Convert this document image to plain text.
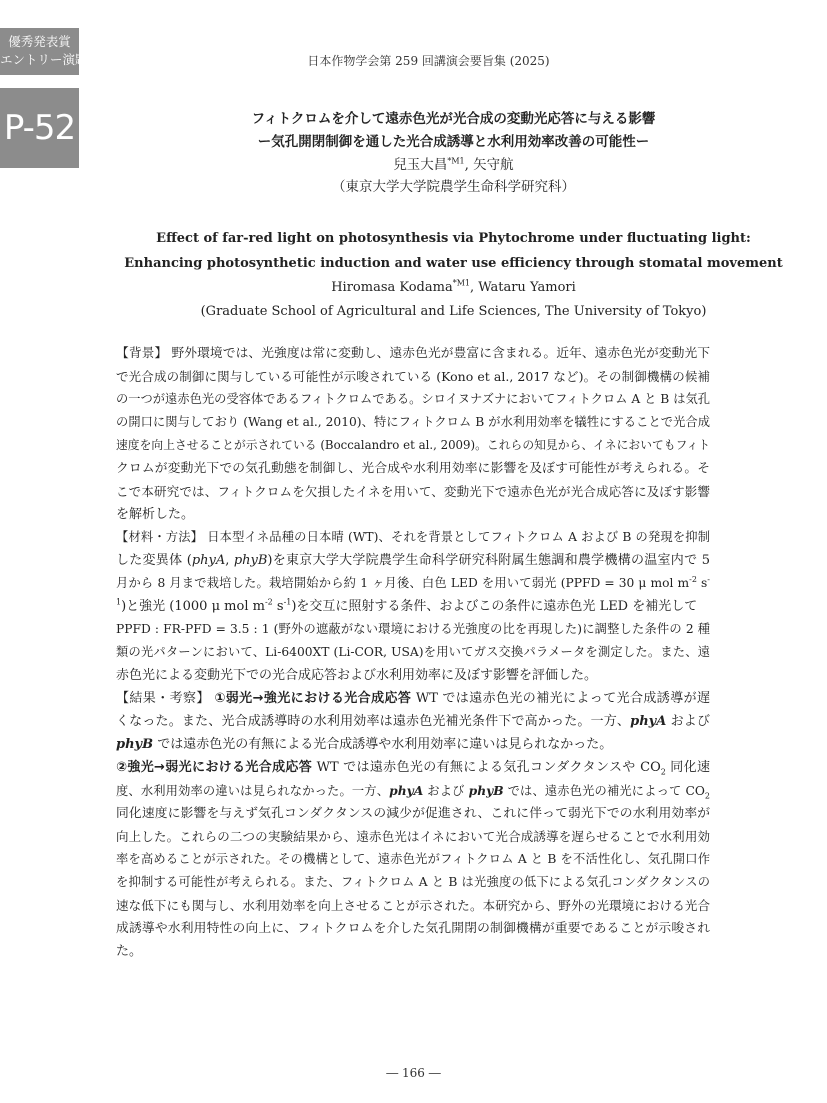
優秀発表賞
エントリー演題
P-52
日本作物学会第 259 回講演会要旨集 (2025)
フィトクロムを介して遠赤色光が光合成の変動光応答に与える影響
ー気孔開閉制御を通した光合成誘導と水利用効率改善の可能性ー
兒玉大昌$^{*M1}$, 矢守航
（東京大学大学院農学生命科学研究科）
Effect of far-red light on photosynthesis via Phytochrome under fluctuating light:
Enhancing photosynthetic induction and water use efficiency through stomatal movement
Hiromasa Kodama$^{*M1}$, Wataru Yamori
(Graduate School of Agricultural and Life Sciences, The University of Tokyo)
【背景】 野外環境では、光強度は常に変動し、遠赤色光が豊富に含まれる。近年、遠赤色光が変動光下
で光合成の制御に関与している可能性が示唆されている (Kono et al., 2017 など)。その制御機構の候補
の一つが遠赤色光の受容体であるフィトクロムである。シロイヌナズナにおいてフィトクロム A と B は気孔
の開口に関与しており (Wang et al., 2010)、特にフィトクロム B が水利用効率を犠牲にすることで光合成
速度を向上させることが示されている (Boccalandro et al., 2009)。これらの知見から、イネにおいてもフィト
クロムが変動光下での気孔動態を制御し、光合成や水利用効率に影響を及ぼす可能性が考えられる。そ
こで本研究では、フィトクロムを欠損したイネを用いて、変動光下で遠赤色光が光合成応答に及ぼす影響
を解析した。
【材料・方法】 日本型イネ品種の日本晴 (WT)、それを背景としてフィトクロム A および B の発現を抑制
した変異体 (phyA, phyB)を東京大学大学院農学生命科学研究科附属生態調和農学機構の温室内で 5
月から 8 月まで栽培した。栽培開始から約 1 ヶ月後、白色 LED を用いて弱光 (PPFD = 30 μ mol $m^{-2}$ s-
$^1$)と強光 (1000 μ mol $m^{-2}$ $s^{-1}$)を交互に照射する条件、およびこの条件に遠赤色光 LED を補光して
PPFD : FR-PFD = 3.5 : 1 (野外の遮蔽がない環境における光強度の比を再現した)に調整した条件の 2 種
類の光パターンにおいて、Li-6400XT (Li-COR, USA)を用いてガス交換パラメータを測定した。また、遠
赤色光による変動光下での光合成応答および水利用効率に及ぼす影響を評価した。
【結果・考察】 ①弱光→強光における光合成応答 WT では遠赤色光の補光によって光合成誘導が遅
くなった。また、光合成誘導時の水利用効率は遠赤色光補光条件下で高かった。一方、phyA および
phyB では遠赤色光の有無による光合成誘導や水利用効率に違いは見られなかった。
②強光→弱光における光合成応答 WT では遠赤色光の有無による気孔コンダクタンスや $CO_2$ 同化速
度、水利用効率の違いは見られなかった。一方、phyA および phyB では、遠赤色光の補光によって $CO_2$
同化速度に影響を与えず気孔コンダクタンスの減少が促進され、これに伴って弱光下での水利用効率が
向上した。これらの二つの実験結果から、遠赤色光はイネにおいて光合成誘導を遅らせることで水利用効
率を高めることが示された。その機構として、遠赤色光がフィトクロム A と B を不活性化し、気孔開口作
を抑制する可能性が考えられる。また、フィトクロム A と B は光強度の低下による気孔コンダクタンスの
速な低下にも関与し、水利用効率を向上させることが示された。本研究から、野外の光環境における光合
成誘導や水利用特性の向上に、フィトクロムを介した気孔開閉の制御機構が重要であることが示唆され
た。
― 166 ―
